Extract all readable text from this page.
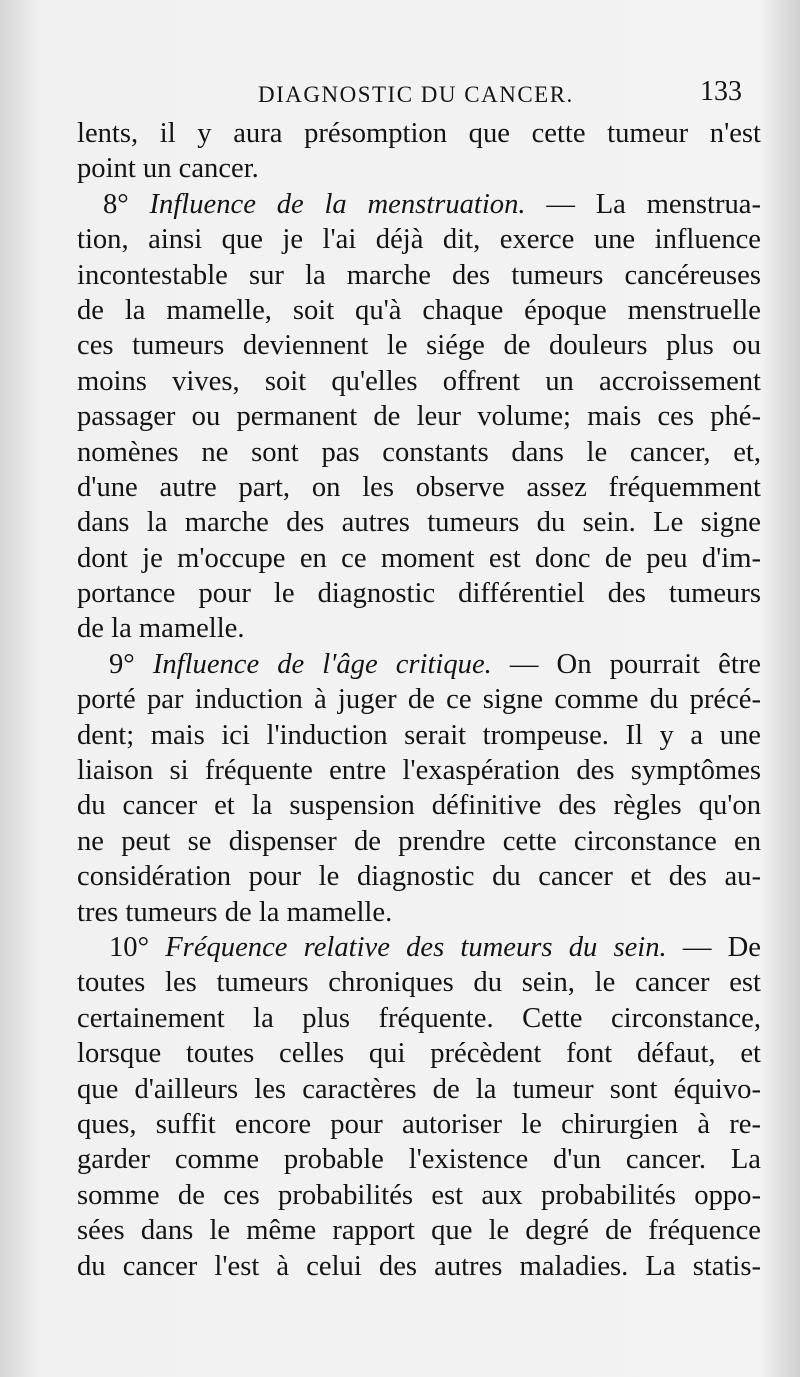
DIAGNOSTIC DU CANCER.	133
lents, il y aura présomption que cette tumeur n'est
point un cancer.
8° Influence de la menstruation. — La menstrua-
tion, ainsi que je l'ai déjà dit, exerce une influence
incontestable sur la marche des tumeurs cancéreuses
de la mamelle, soit qu'à chaque époque menstruelle
ces tumeurs deviennent le siége de douleurs plus ou
moins vives, soit qu'elles offrent un accroissement
passager ou permanent de leur volume; mais ces phé-
nomènes ne sont pas constants dans le cancer, et,
d'une autre part, on les observe assez fréquemment
dans la marche des autres tumeurs du sein. Le signe
dont je m'occupe en ce moment est donc de peu d'im-
portance pour le diagnostic différentiel des tumeurs
de la mamelle.
9° Influence de l'âge critique. — On pourrait être
porté par induction à juger de ce signe comme du précé-
dent; mais ici l'induction serait trompeuse. Il y a une
liaison si fréquente entre l'exaspération des symptômes
du cancer et la suspension définitive des règles qu'on
ne peut se dispenser de prendre cette circonstance en
considération pour le diagnostic du cancer et des au-
tres tumeurs de la mamelle.
10° Fréquence relative des tumeurs du sein. — De
toutes les tumeurs chroniques du sein, le cancer est
certainement la plus fréquente. Cette circonstance,
lorsque toutes celles qui précèdent font défaut, et
que d'ailleurs les caractères de la tumeur sont équivo-
ques, suffit encore pour autoriser le chirurgien à re-
garder comme probable l'existence d'un cancer. La
somme de ces probabilités est aux probabilités oppo-
sées dans le même rapport que le degré de fréquence
du cancer l'est à celui des autres maladies. La statis-
